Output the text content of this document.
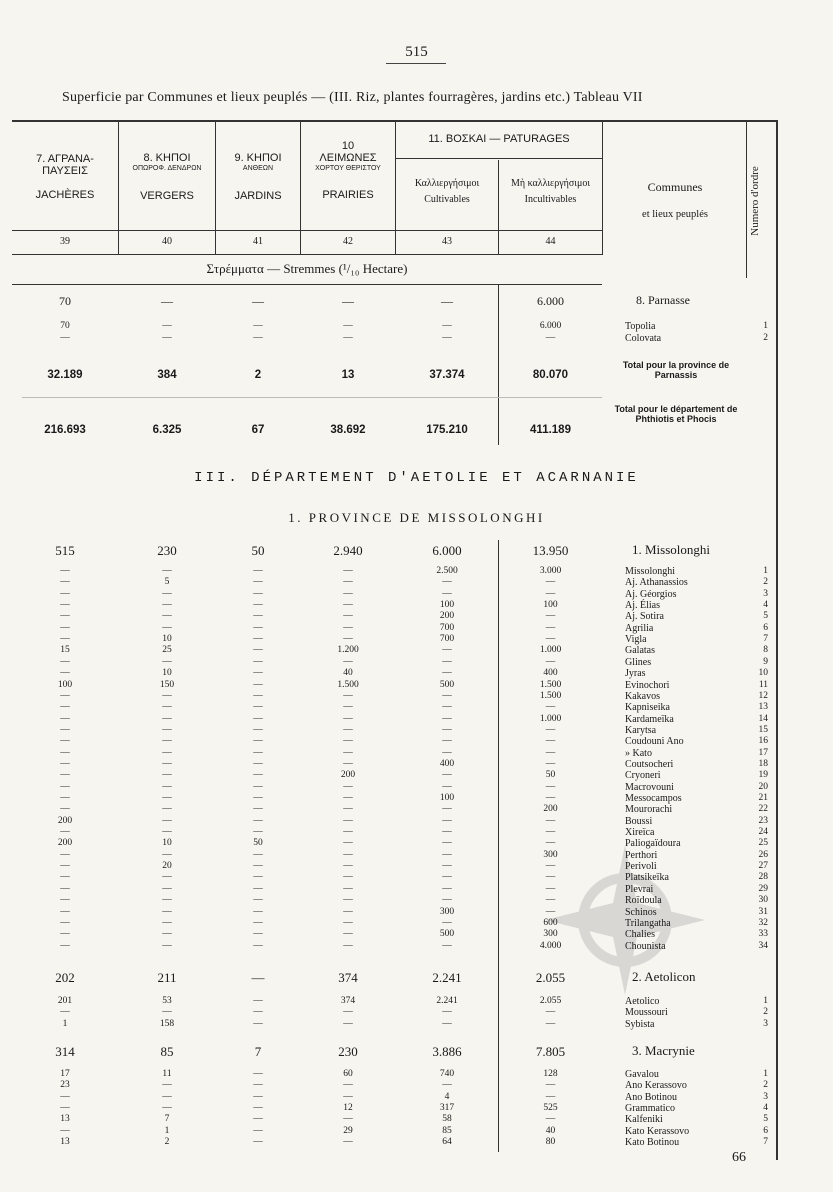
515
Superficie par Communes et lieux peuplés — (III. Riz, plantes fourragères, jardins etc.) Tableau VII
7. ΑΓΡΑΝΑ-
ΠΑΥΣΕΙΣ
JACHÈRES
8. ΚΗΠΟΙ
ΟΠΩΡΟΦ. ΔΕΝΔΡΩΝ
VERGERS
9. ΚΗΠΟΙ
ΑΝΘΕΩΝ
JARDINS
10
ΛΕΙΜΩΝΕΣ
ΧΟΡΤΟΥ ΘΕΡΙΣΤΟΥ
PRAIRIES
11. ΒΟΣΚΑΙ — PATURAGES
Καλλιεργήσιμοι
Cultivables
Μὴ καλλιεργήσιμοι
Incultivables
Communes
et lieux peuplés	Numero d'ordre
39	40	41	42	43	44
Στρέμματα — Stremmes (¹/₁₀ Hectare)
70	—	—	—	—	6.000	8. Parnasse
70	—	—	—	—	6.000	Topolia	1
—	—	—	—	—	—	Colovata	2
32.189	384	2	13	37.374	80.070
Total pour la province de Parnassis
216.693	6.325	67	38.692	175.210	411.189
Total pour le département de Phthiotis et Phocis
III. DÉPARTEMENT D'AETOLIE ET ACARNANIE
1. PROVINCE DE MISSOLONGHI
515	230	50	2.940	6.000	13.950	1. Missolonghi
—	—	—	—	2.500	3.000	Missolonghi	1
—	5	—	—	—	—	Aj. Athanassios	2
—	—	—	—	—	—	Aj. Géorgios	3
—	—	—	—	100	100	Aj. Élias	4
—	—	—	—	200	—	Aj. Sotira	5
—	—	—	—	700	—	Agrilia	6
—	10	—	—	700	—	Vigla	7
15	25	—	1.200	—	1.000	Galatas	8
—	—	—	—	—	—	Glines	9
—	10	—	40	—	400	Jyras	10
100	150	—	1.500	500	1.500	Evinochori	11
—	—	—	—	—	1.500	Kakavos	12
—	—	—	—	—	—	Kapniseika	13
—	—	—	—	—	1.000	Kardameïka	14
—	—	—	—	—	—	Karytsa	15
—	—	—	—	—	—	Coudouni Ano	16
—	—	—	—	—	—	» Kato	17
—	—	—	—	400	—	Coutsocheri	18
—	—	—	200	—	50	Cryoneri	19
—	—	—	—	—	—	Macrovouni	20
—	—	—	—	100	—	Messocampos	21
—	—	—	—	—	200	Mourorachi	22
200	—	—	—	—	—	Boussi	23
—	—	—	—	—	—	Xireïca	24
200	10	50	—	—	—	Paliogaïdoura	25
—	—	—	—	—	300	Perthori	26
—	20	—	—	—	—	Perivoli	27
—	—	—	—	—	—	Platsikeïka	28
—	—	—	—	—	—	Plevrai	29
—	—	—	—	—	—	Roïdoula	30
—	—	—	—	300	—	Schinos	31
—	—	—	—	—	600	Trilangatha	32
—	—	—	—	500	300	Chalies	33
—	—	—	—	—	4.000	Chounista	34
202	211	—	374	2.241	2.055	2. Aetolicon
201	53	—	374	2.241	2.055	Aetolico	1
—	—	—	—	—	—	Moussouri	2
1	158	—	—	—	—	Sybista	3
314	85	7	230	3.886	7.805	3. Macrynie
17	11	—	60	740	128	Gavalou	1
23	—	—	—	—	—	Ano Kerassovo	2
—	—	—	—	4	—	Ano Botinou	3
—	—	—	12	317	525	Grammatico	4
13	7	—	—	58	—	Kalfeniki	5
—	1	—	29	85	40	Kato Kerassovo	6
13	2	—	—	64	80	Kato Botinou	7
66
